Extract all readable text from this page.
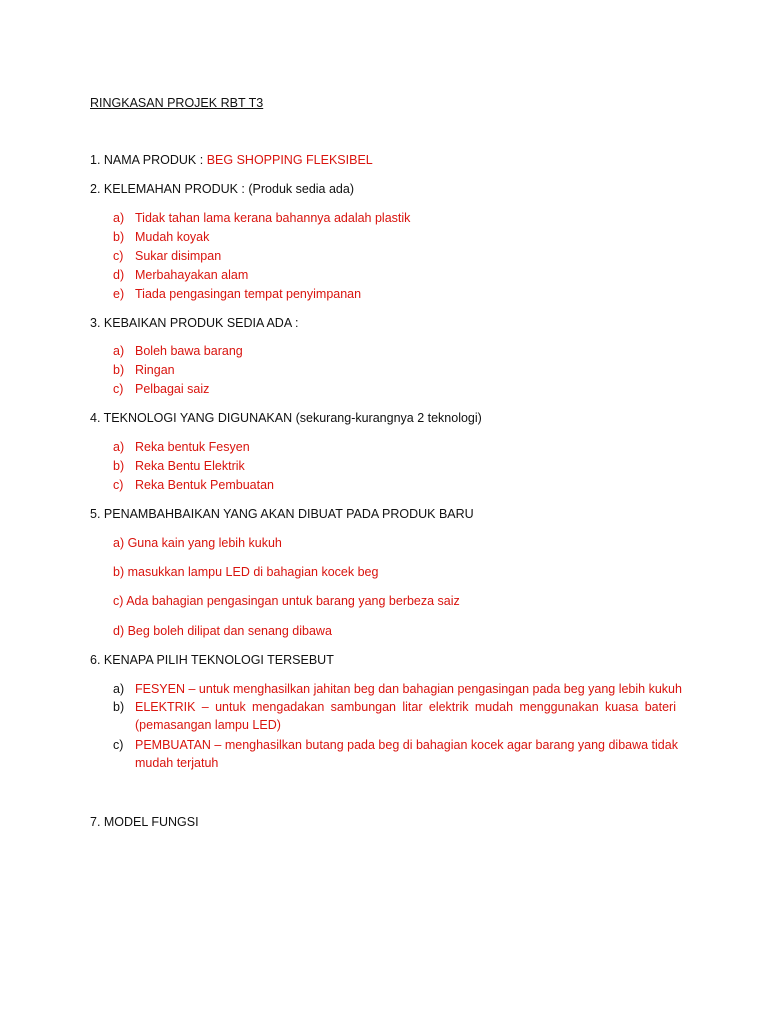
RINGKASAN PROJEK RBT T3
1. NAMA PRODUK : BEG SHOPPING FLEKSIBEL
2. KELEMAHAN PRODUK : (Produk sedia ada)
a) Tidak tahan lama kerana bahannya adalah plastik
b) Mudah koyak
c) Sukar disimpan
d) Merbahayakan alam
e) Tiada pengasingan tempat penyimpanan
3. KEBAIKAN PRODUK SEDIA ADA :
a) Boleh bawa barang
b) Ringan
c) Pelbagai saiz
4. TEKNOLOGI YANG DIGUNAKAN (sekurang-kurangnya 2 teknologi)
a) Reka bentuk Fesyen
b) Reka Bentu Elektrik
c) Reka Bentuk Pembuatan
5. PENAMBAHBAIKAN YANG AKAN DIBUAT PADA PRODUK BARU
a) Guna kain yang lebih kukuh
b) masukkan lampu LED di bahagian kocek beg
c) Ada bahagian pengasingan untuk barang yang berbeza saiz
d) Beg boleh dilipat dan senang dibawa
6. KENAPA PILIH TEKNOLOGI TERSEBUT
a) FESYEN – untuk menghasilkan jahitan beg dan bahagian pengasingan pada beg yang lebih kukuh
b) ELEKTRIK – untuk mengadakan sambungan litar elektrik mudah menggunakan kuasa bateri
(pemasangan lampu LED)
c) PEMBUATAN – menghasilkan butang pada beg di bahagian kocek agar barang yang dibawa tidak
mudah terjatuh
7. MODEL FUNGSI
